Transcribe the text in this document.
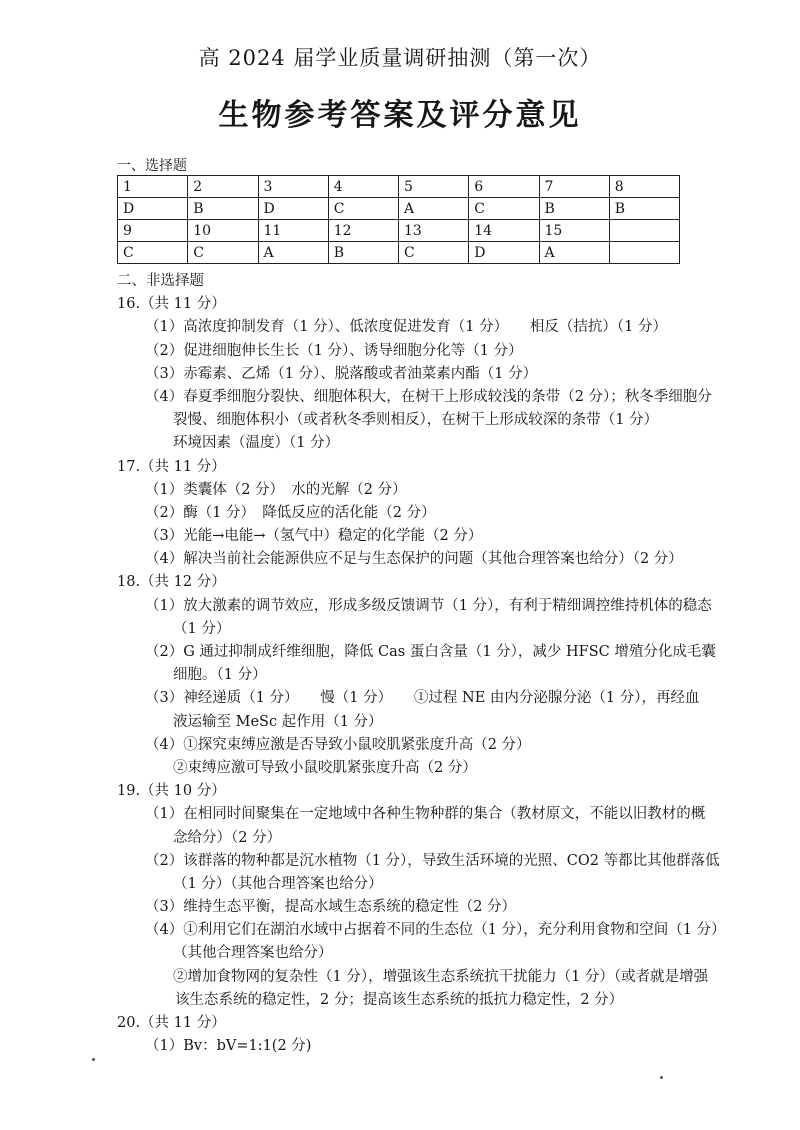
高 2024 届学业质量调研抽测（第一次）
生物参考答案及评分意见
一、选择题
1	2	3	4	5	6	7	8
D	B	D	C	A	C	B	B
9	10	11	12	13	14	15	
C	C	A	B	C	D	A	
二、非选择题
16.（共 11 分）
（1）高浓度抑制发育（1 分）、低浓度促进发育（1 分）　　相反（拮抗）（1 分）
（2）促进细胞伸长生长（1 分）、诱导细胞分化等（1 分）
（3）赤霉素、乙烯（1 分）、脱落酸或者油菜素内酯（1 分）
（4）春夏季细胞分裂快、细胞体积大，在树干上形成较浅的条带（2 分）；秋冬季细胞分
裂慢、细胞体积小（或者秋冬季则相反），在树干上形成较深的条带（1 分）
环境因素（温度）（1 分）
17.（共 11 分）
（1）类囊体（2 分）　水的光解（2 分）
（2）酶（1 分）　降低反应的活化能（2 分）
（3）光能→电能→（氢气中）稳定的化学能（2 分）
（4）解决当前社会能源供应不足与生态保护的问题（其他合理答案也给分）（2 分）
18.（共 12 分）
（1）放大激素的调节效应，形成多级反馈调节（1 分），有利于精细调控维持机体的稳态
（1 分）
（2）G 通过抑制成纤维细胞，降低 Cas 蛋白含量（1 分），减少 HFSC 增殖分化成毛囊
细胞。（1 分）
（3）神经递质（1 分）　　慢（1 分）　　①过程 NE 由内分泌腺分泌（1 分），再经血
液运输至 MeSc 起作用（1 分）
（4）①探究束缚应激是否导致小鼠咬肌紧张度升高（2 分）
②束缚应激可导致小鼠咬肌紧张度升高（2 分）
19.（共 10 分）
（1）在相同时间聚集在一定地域中各种生物种群的集合（教材原文，不能以旧教材的概
念给分）（2 分）
（2）该群落的物种都是沉水植物（1 分），导致生活环境的光照、CO2 等都比其他群落低
（1 分）（其他合理答案也给分）
（3）维持生态平衡，提高水域生态系统的稳定性（2 分）
（4）①利用它们在湖泊水域中占据着不同的生态位（1 分），充分利用食物和空间（1 分）
（其他合理答案也给分）
②增加食物网的复杂性（1 分），增强该生态系统抗干扰能力（1 分）（或者就是增强
该生态系统的稳定性，2 分；提高该生态系统的抵抗力稳定性，2 分）
20.（共 11 分）
（1）Bv：bV=1:1(2 分)
